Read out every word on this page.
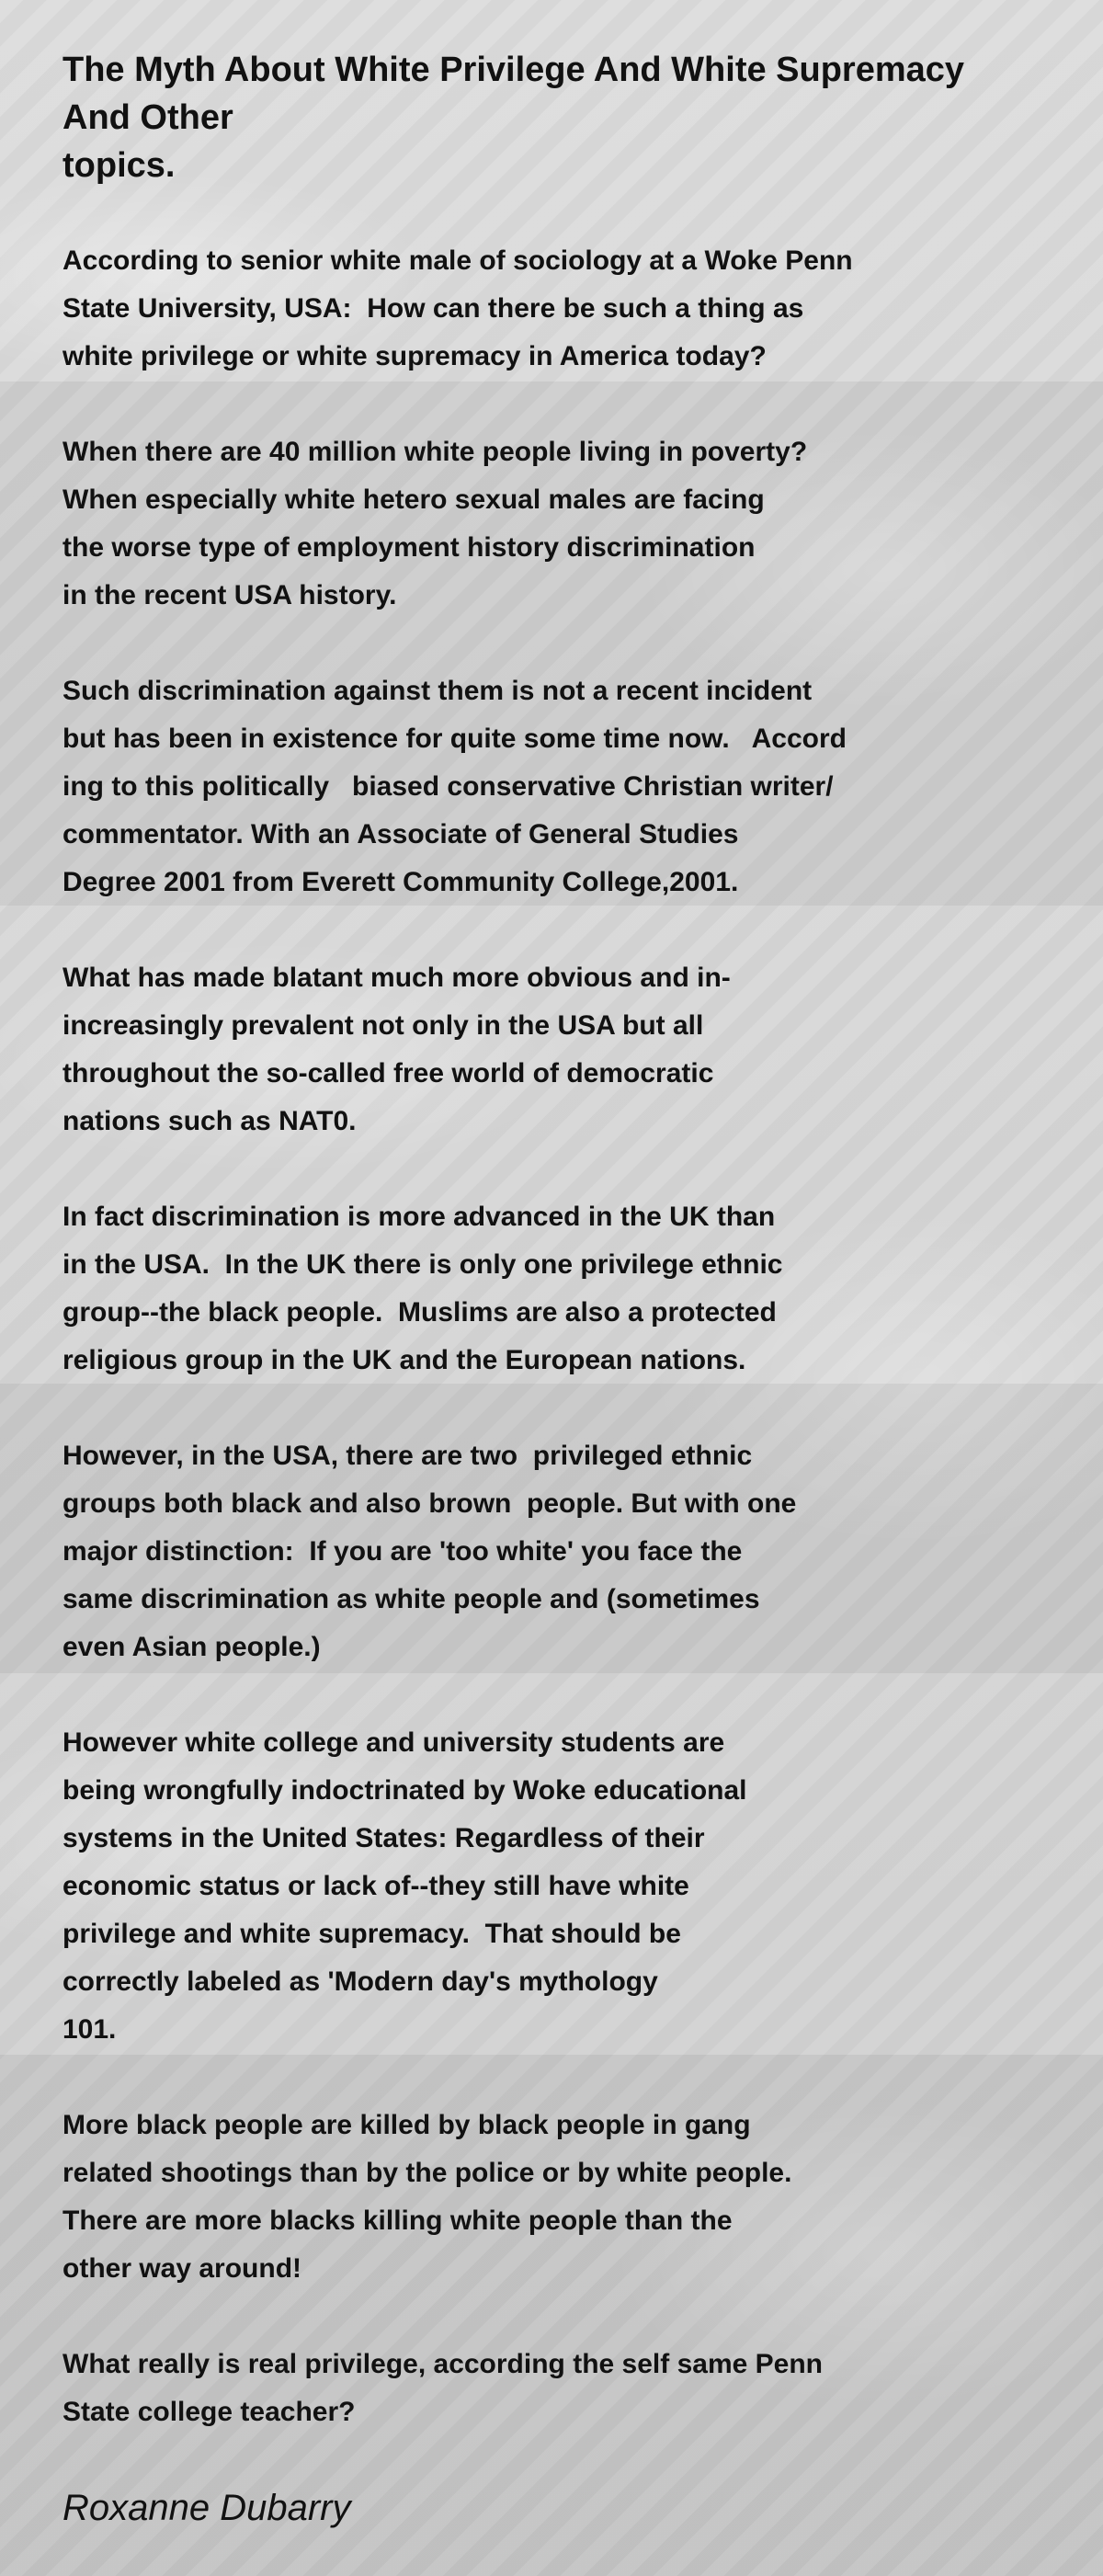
The Myth About White Privilege And White Supremacy
And Other
topics.

According to senior white male of sociology at a Woke Penn
State University, USA:  How can there be such a thing as
white privilege or white supremacy in America today?

When there are 40 million white people living in poverty?
When especially white hetero sexual males are facing
the worse type of employment history discrimination
in the recent USA history.

Such discrimination against them is not a recent incident
but has been in existence for quite some time now.   Accord
ing to this politically   biased conservative Christian writer/
commentator. With an Associate of General Studies
Degree 2001 from Everett Community College,2001.

What has made blatant much more obvious and in-
increasingly prevalent not only in the USA but all
throughout the so-called free world of democratic
nations such as NAT0.

In fact discrimination is more advanced in the UK than
in the USA.  In the UK there is only one privilege ethnic
group--the black people.  Muslims are also a protected
religious group in the UK and the European nations.

However, in the USA, there are two  privileged ethnic
groups both black and also brown  people. But with one
major distinction:  If you are 'too white' you face the
same discrimination as white people and (sometimes
even Asian people.)

However white college and university students are
being wrongfully indoctrinated by Woke educational
systems in the United States: Regardless of their
economic status or lack of--they still have white
privilege and white supremacy.  That should be
correctly labeled as 'Modern day's mythology
101.

More black people are killed by black people in gang
related shootings than by the police or by white people.
There are more blacks killing white people than the
other way around!

What really is real privilege, according the self same Penn
State college teacher?

Roxanne Dubarry
